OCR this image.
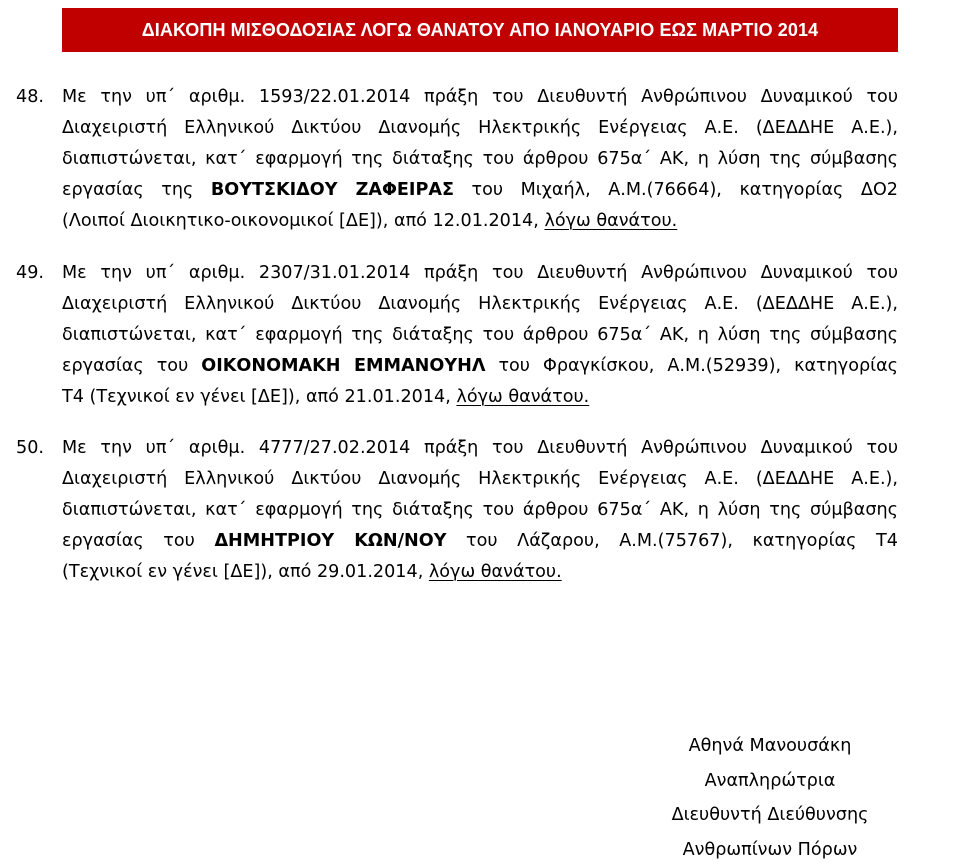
ΔΙΑΚΟΠΗ ΜΙΣΘΟΔΟΣΙΑΣ ΛΟΓΩ ΘΑΝΑΤΟΥ ΑΠΟ ΙΑΝΟΥΑΡΙΟ ΕΩΣ ΜΑΡΤΙΟ 2014
48. Με την υπ΄ αριθμ. 1593/22.01.2014 πράξη του Διευθυντή Ανθρώπινου Δυναμικού του
Διαχειριστή Ελληνικού Δικτύου Διανομής Ηλεκτρικής Ενέργειας Α.Ε. (ΔΕΔΔΗΕ Α.Ε.),
διαπιστώνεται, κατ΄ εφαρμογή της διάταξης του άρθρου 675α΄ ΑΚ, η λύση της σύμβασης
εργασίας της ΒΟΥΤΣΚΙΔΟΥ ΖΑΦΕΙΡΑΣ του Μιχαήλ, Α.Μ.(76664), κατηγορίας ΔΟ2
(Λοιποί Διοικητικο-οικονομικοί [ΔΕ]), από 12.01.2014, λόγω θανάτου.
49. Με την υπ΄ αριθμ. 2307/31.01.2014 πράξη του Διευθυντή Ανθρώπινου Δυναμικού του
Διαχειριστή Ελληνικού Δικτύου Διανομής Ηλεκτρικής Ενέργειας Α.Ε. (ΔΕΔΔΗΕ Α.Ε.),
διαπιστώνεται, κατ΄ εφαρμογή της διάταξης του άρθρου 675α΄ ΑΚ, η λύση της σύμβασης
εργασίας του ΟΙΚΟΝΟΜΑΚΗ ΕΜΜΑΝΟΥΗΛ του Φραγκίσκου, Α.Μ.(52939), κατηγορίας
Τ4 (Τεχνικοί εν γένει [ΔΕ]), από 21.01.2014, λόγω θανάτου.
50. Με την υπ΄ αριθμ. 4777/27.02.2014 πράξη του Διευθυντή Ανθρώπινου Δυναμικού του
Διαχειριστή Ελληνικού Δικτύου Διανομής Ηλεκτρικής Ενέργειας Α.Ε. (ΔΕΔΔΗΕ Α.Ε.),
διαπιστώνεται, κατ΄ εφαρμογή της διάταξης του άρθρου 675α΄ ΑΚ, η λύση της σύμβασης
εργασίας του ΔΗΜΗΤΡΙΟΥ ΚΩΝ/ΝΟΥ του Λάζαρου, Α.Μ.(75767), κατηγορίας Τ4
(Τεχνικοί εν γένει [ΔΕ]), από 29.01.2014, λόγω θανάτου.
Αθηνά Μανουσάκη
Αναπληρώτρια
Διευθυντή Διεύθυνσης
Ανθρωπίνων Πόρων
